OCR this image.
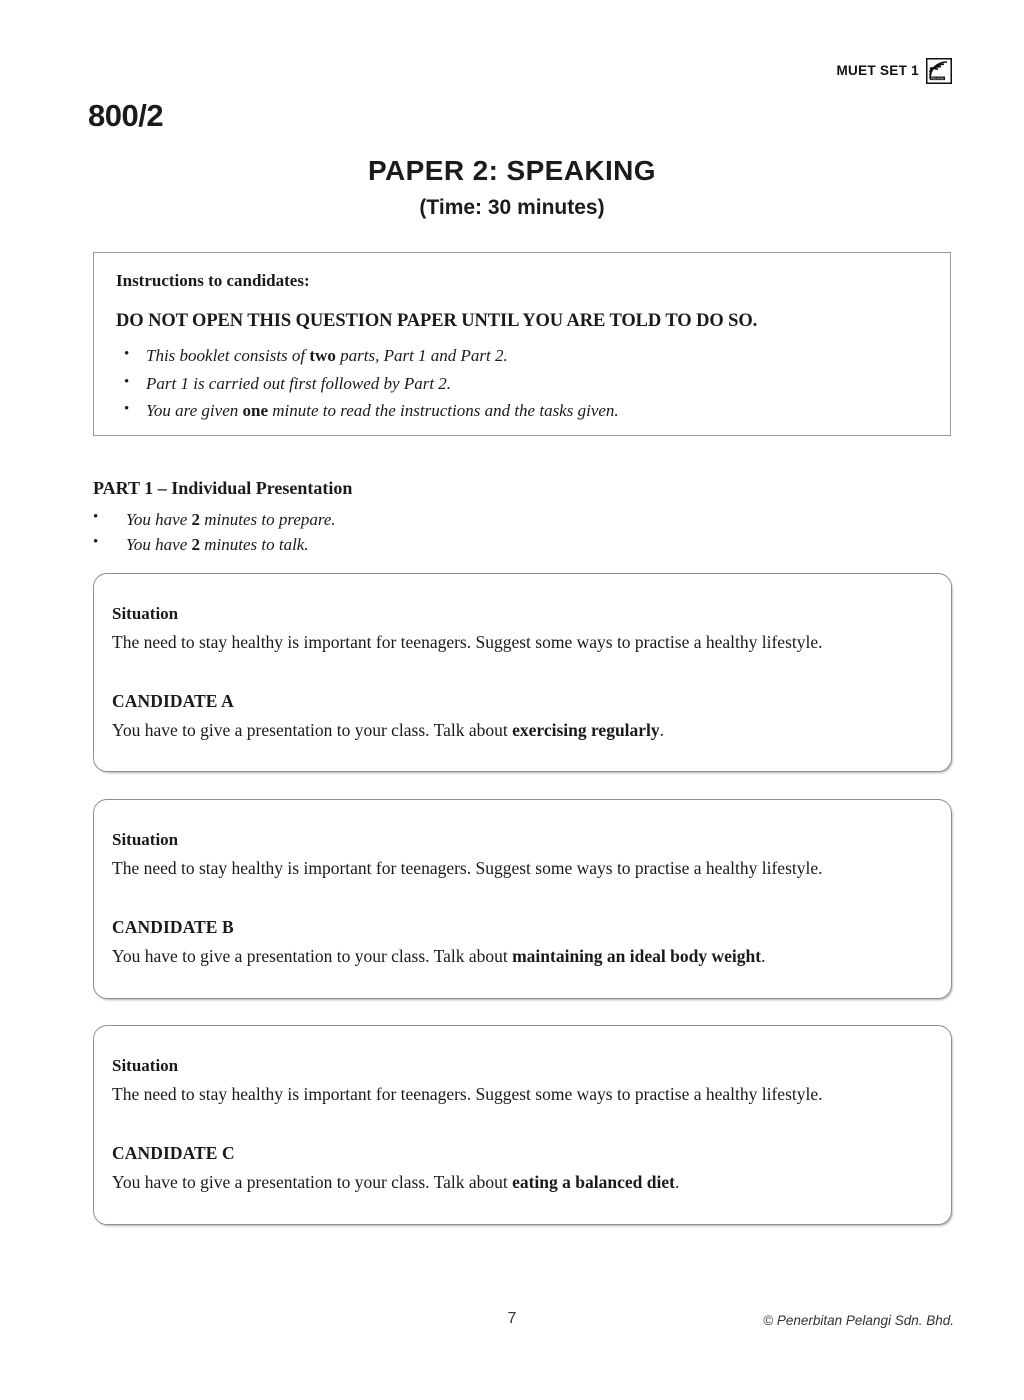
MUET SET 1
PELANGI
800/2
PAPER 2: SPEAKING
(Time: 30 minutes)

Instructions to candidates:

DO NOT OPEN THIS QUESTION PAPER UNTIL YOU ARE TOLD TO DO SO.

• This booklet consists of two parts, Part 1 and Part 2.
• Part 1 is carried out first followed by Part 2.
• You are given one minute to read the instructions and the tasks given.
PART 1 – Individual Presentation
• You have 2 minutes to prepare.
• You have 2 minutes to talk.

Situation

The need to stay healthy is important for teenagers. Suggest some ways to practise a healthy lifestyle.

CANDIDATE A

You have to give a presentation to your class. Talk about exercising regularly.

Situation

The need to stay healthy is important for teenagers. Suggest some ways to practise a healthy lifestyle.

CANDIDATE B

You have to give a presentation to your class. Talk about maintaining an ideal body weight.

Situation

The need to stay healthy is important for teenagers. Suggest some ways to practise a healthy lifestyle.

CANDIDATE C

You have to give a presentation to your class. Talk about eating a balanced diet.

7	© Penerbitan Pelangi Sdn. Bhd.
